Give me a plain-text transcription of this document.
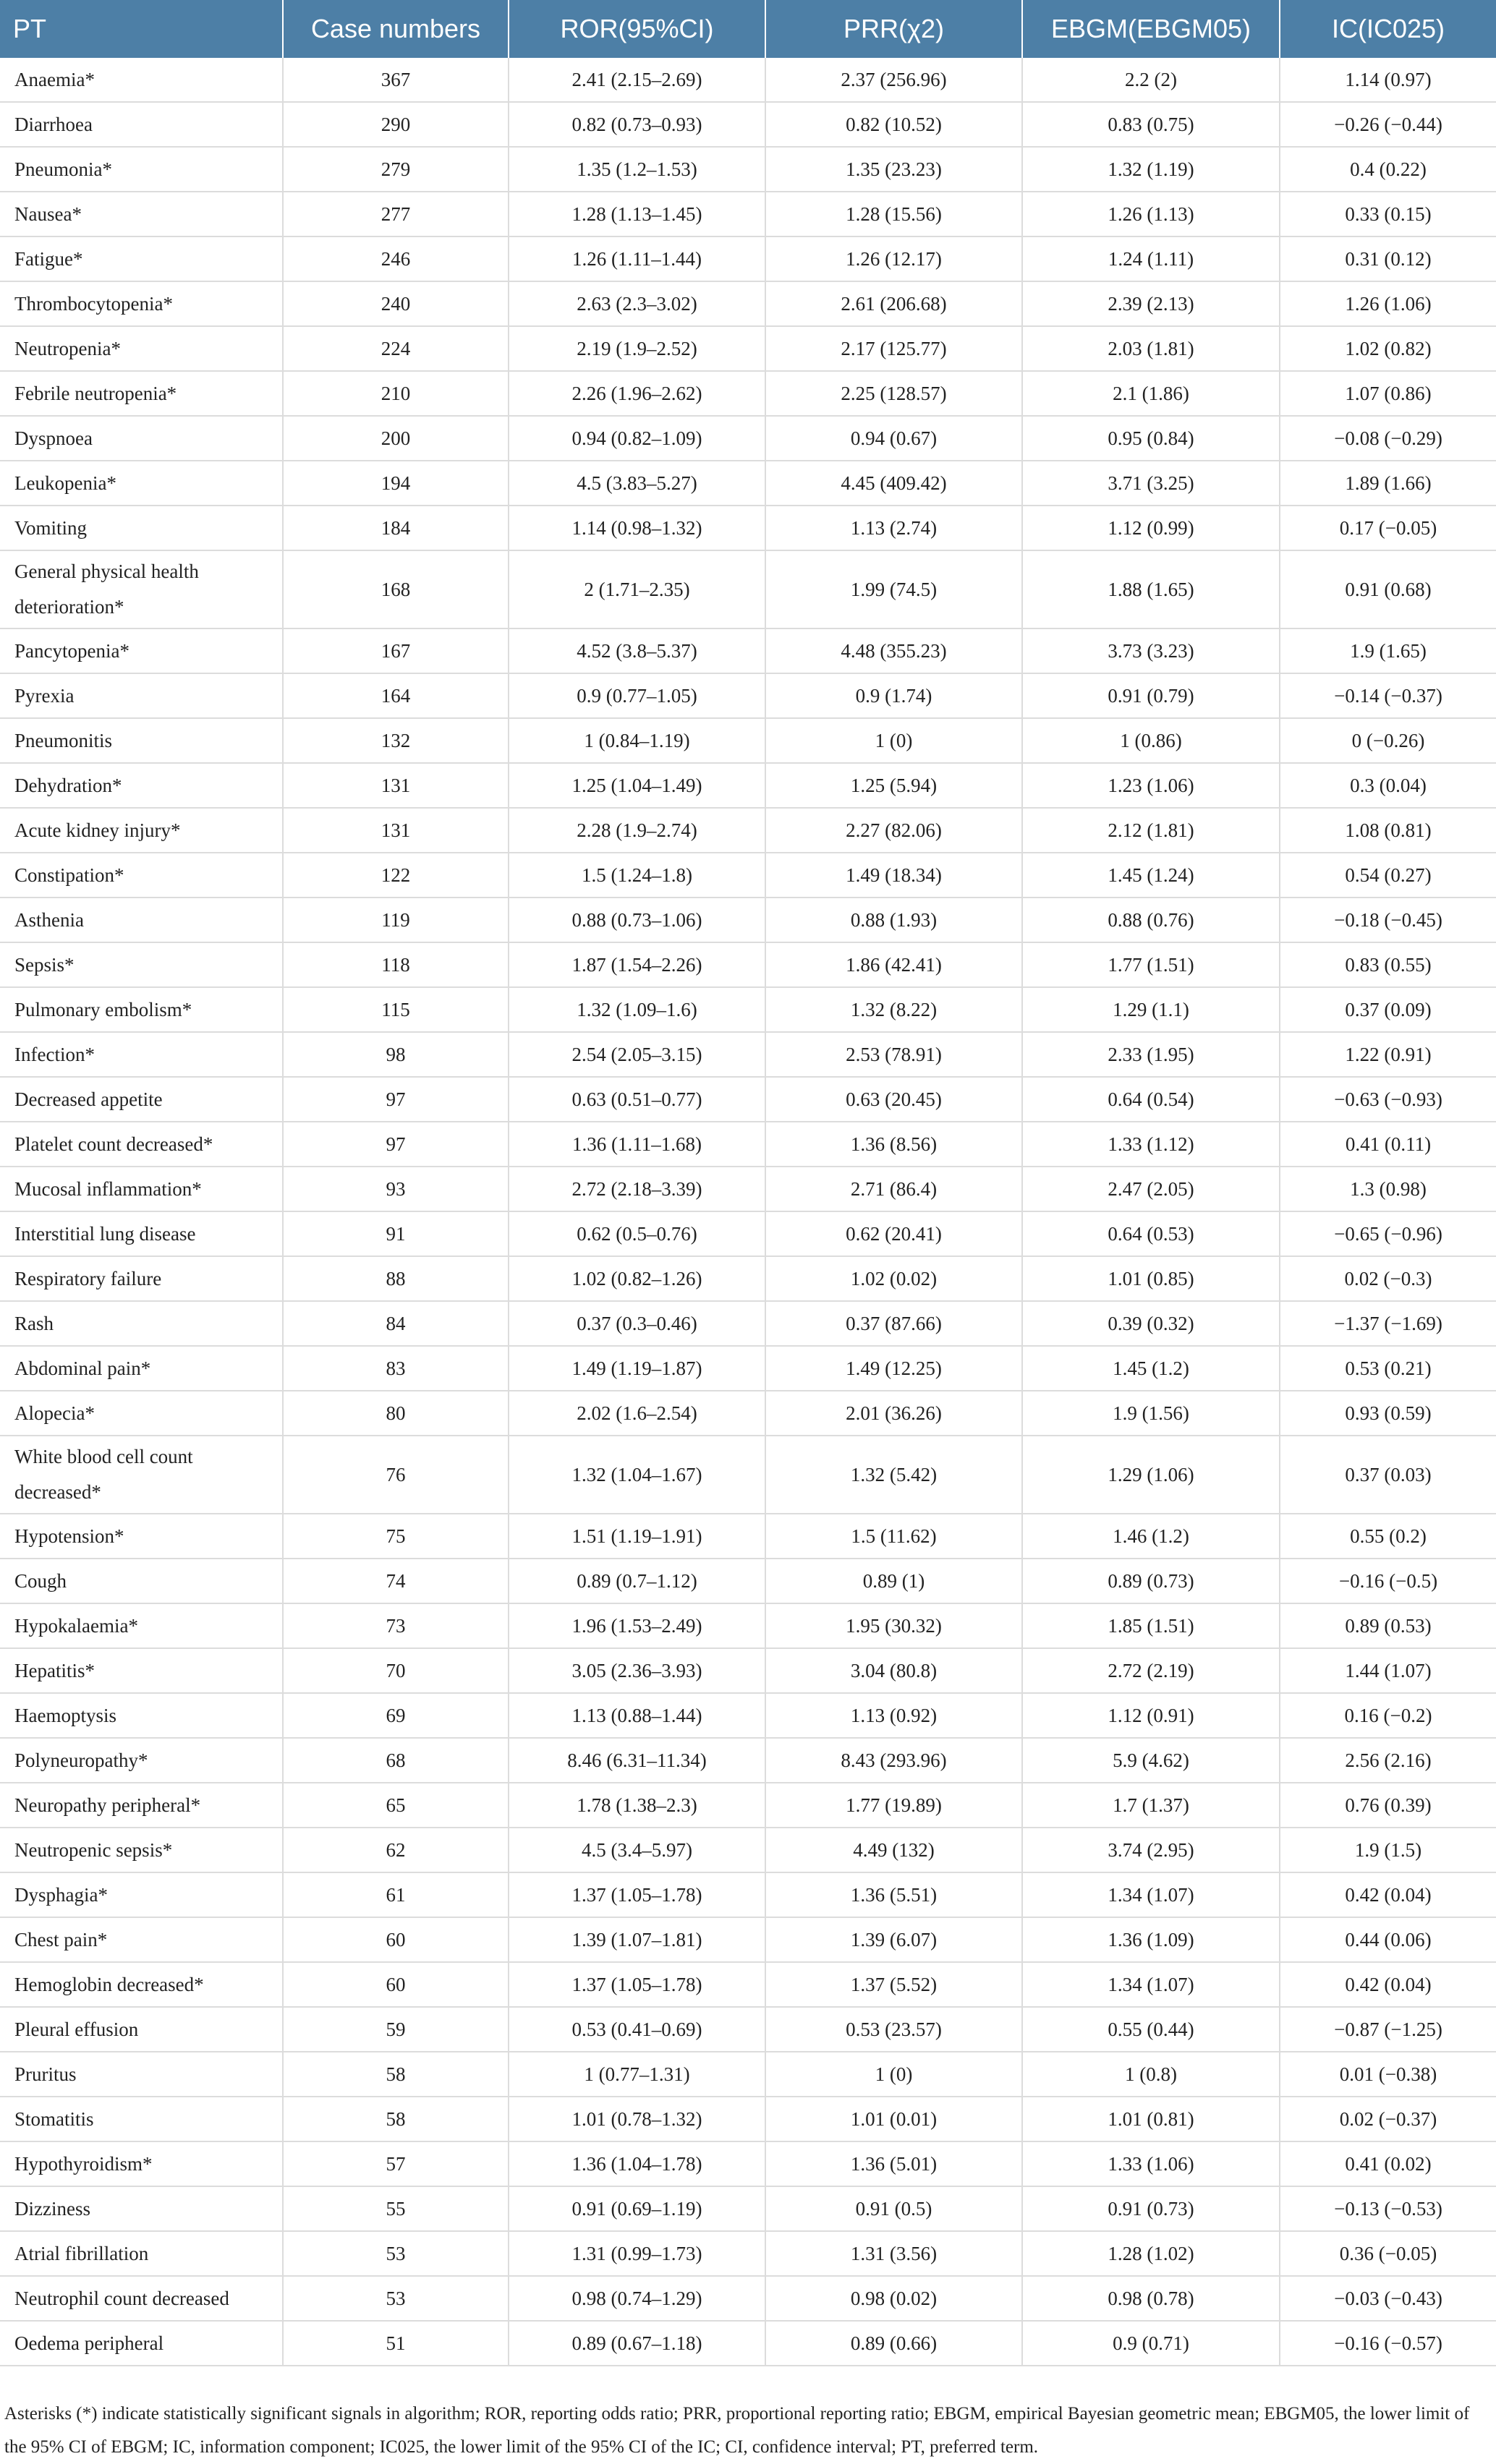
PT	Case numbers	ROR(95%CI)	PRR(χ2)	EBGM(EBGM05)	IC(IC025)
Anaemia*	367	2.41 (2.15–2.69)	2.37 (256.96)	2.2 (2)	1.14 (0.97)
Diarrhoea	290	0.82 (0.73–0.93)	0.82 (10.52)	0.83 (0.75)	−0.26 (−0.44)
Pneumonia*	279	1.35 (1.2–1.53)	1.35 (23.23)	1.32 (1.19)	0.4 (0.22)
Nausea*	277	1.28 (1.13–1.45)	1.28 (15.56)	1.26 (1.13)	0.33 (0.15)
Fatigue*	246	1.26 (1.11–1.44)	1.26 (12.17)	1.24 (1.11)	0.31 (0.12)
Thrombocytopenia*	240	2.63 (2.3–3.02)	2.61 (206.68)	2.39 (2.13)	1.26 (1.06)
Neutropenia*	224	2.19 (1.9–2.52)	2.17 (125.77)	2.03 (1.81)	1.02 (0.82)
Febrile neutropenia*	210	2.26 (1.96–2.62)	2.25 (128.57)	2.1 (1.86)	1.07 (0.86)
Dyspnoea	200	0.94 (0.82–1.09)	0.94 (0.67)	0.95 (0.84)	−0.08 (−0.29)
Leukopenia*	194	4.5 (3.83–5.27)	4.45 (409.42)	3.71 (3.25)	1.89 (1.66)
Vomiting	184	1.14 (0.98–1.32)	1.13 (2.74)	1.12 (0.99)	0.17 (−0.05)
General physical health deterioration*	168	2 (1.71–2.35)	1.99 (74.5)	1.88 (1.65)	0.91 (0.68)
Pancytopenia*	167	4.52 (3.8–5.37)	4.48 (355.23)	3.73 (3.23)	1.9 (1.65)
Pyrexia	164	0.9 (0.77–1.05)	0.9 (1.74)	0.91 (0.79)	−0.14 (−0.37)
Pneumonitis	132	1 (0.84–1.19)	1 (0)	1 (0.86)	0 (−0.26)
Dehydration*	131	1.25 (1.04–1.49)	1.25 (5.94)	1.23 (1.06)	0.3 (0.04)
Acute kidney injury*	131	2.28 (1.9–2.74)	2.27 (82.06)	2.12 (1.81)	1.08 (0.81)
Constipation*	122	1.5 (1.24–1.8)	1.49 (18.34)	1.45 (1.24)	0.54 (0.27)
Asthenia	119	0.88 (0.73–1.06)	0.88 (1.93)	0.88 (0.76)	−0.18 (−0.45)
Sepsis*	118	1.87 (1.54–2.26)	1.86 (42.41)	1.77 (1.51)	0.83 (0.55)
Pulmonary embolism*	115	1.32 (1.09–1.6)	1.32 (8.22)	1.29 (1.1)	0.37 (0.09)
Infection*	98	2.54 (2.05–3.15)	2.53 (78.91)	2.33 (1.95)	1.22 (0.91)
Decreased appetite	97	0.63 (0.51–0.77)	0.63 (20.45)	0.64 (0.54)	−0.63 (−0.93)
Platelet count decreased*	97	1.36 (1.11–1.68)	1.36 (8.56)	1.33 (1.12)	0.41 (0.11)
Mucosal inflammation*	93	2.72 (2.18–3.39)	2.71 (86.4)	2.47 (2.05)	1.3 (0.98)
Interstitial lung disease	91	0.62 (0.5–0.76)	0.62 (20.41)	0.64 (0.53)	−0.65 (−0.96)
Respiratory failure	88	1.02 (0.82–1.26)	1.02 (0.02)	1.01 (0.85)	0.02 (−0.3)
Rash	84	0.37 (0.3–0.46)	0.37 (87.66)	0.39 (0.32)	−1.37 (−1.69)
Abdominal pain*	83	1.49 (1.19–1.87)	1.49 (12.25)	1.45 (1.2)	0.53 (0.21)
Alopecia*	80	2.02 (1.6–2.54)	2.01 (36.26)	1.9 (1.56)	0.93 (0.59)
White blood cell count decreased*	76	1.32 (1.04–1.67)	1.32 (5.42)	1.29 (1.06)	0.37 (0.03)
Hypotension*	75	1.51 (1.19–1.91)	1.5 (11.62)	1.46 (1.2)	0.55 (0.2)
Cough	74	0.89 (0.7–1.12)	0.89 (1)	0.89 (0.73)	−0.16 (−0.5)
Hypokalaemia*	73	1.96 (1.53–2.49)	1.95 (30.32)	1.85 (1.51)	0.89 (0.53)
Hepatitis*	70	3.05 (2.36–3.93)	3.04 (80.8)	2.72 (2.19)	1.44 (1.07)
Haemoptysis	69	1.13 (0.88–1.44)	1.13 (0.92)	1.12 (0.91)	0.16 (−0.2)
Polyneuropathy*	68	8.46 (6.31–11.34)	8.43 (293.96)	5.9 (4.62)	2.56 (2.16)
Neuropathy peripheral*	65	1.78 (1.38–2.3)	1.77 (19.89)	1.7 (1.37)	0.76 (0.39)
Neutropenic sepsis*	62	4.5 (3.4–5.97)	4.49 (132)	3.74 (2.95)	1.9 (1.5)
Dysphagia*	61	1.37 (1.05–1.78)	1.36 (5.51)	1.34 (1.07)	0.42 (0.04)
Chest pain*	60	1.39 (1.07–1.81)	1.39 (6.07)	1.36 (1.09)	0.44 (0.06)
Hemoglobin decreased*	60	1.37 (1.05–1.78)	1.37 (5.52)	1.34 (1.07)	0.42 (0.04)
Pleural effusion	59	0.53 (0.41–0.69)	0.53 (23.57)	0.55 (0.44)	−0.87 (−1.25)
Pruritus	58	1 (0.77–1.31)	1 (0)	1 (0.8)	0.01 (−0.38)
Stomatitis	58	1.01 (0.78–1.32)	1.01 (0.01)	1.01 (0.81)	0.02 (−0.37)
Hypothyroidism*	57	1.36 (1.04–1.78)	1.36 (5.01)	1.33 (1.06)	0.41 (0.02)
Dizziness	55	0.91 (0.69–1.19)	0.91 (0.5)	0.91 (0.73)	−0.13 (−0.53)
Atrial fibrillation	53	1.31 (0.99–1.73)	1.31 (3.56)	1.28 (1.02)	0.36 (−0.05)
Neutrophil count decreased	53	0.98 (0.74–1.29)	0.98 (0.02)	0.98 (0.78)	−0.03 (−0.43)
Oedema peripheral	51	0.89 (0.67–1.18)	0.89 (0.66)	0.9 (0.71)	−0.16 (−0.57)

Asterisks (*) indicate statistically significant signals in algorithm; ROR, reporting odds ratio; PRR, proportional reporting ratio; EBGM, empirical Bayesian geometric mean; EBGM05, the lower limit of the 95% CI of EBGM; IC, information component; IC025, the lower limit of the 95% CI of the IC; CI, confidence interval; PT, preferred term.
